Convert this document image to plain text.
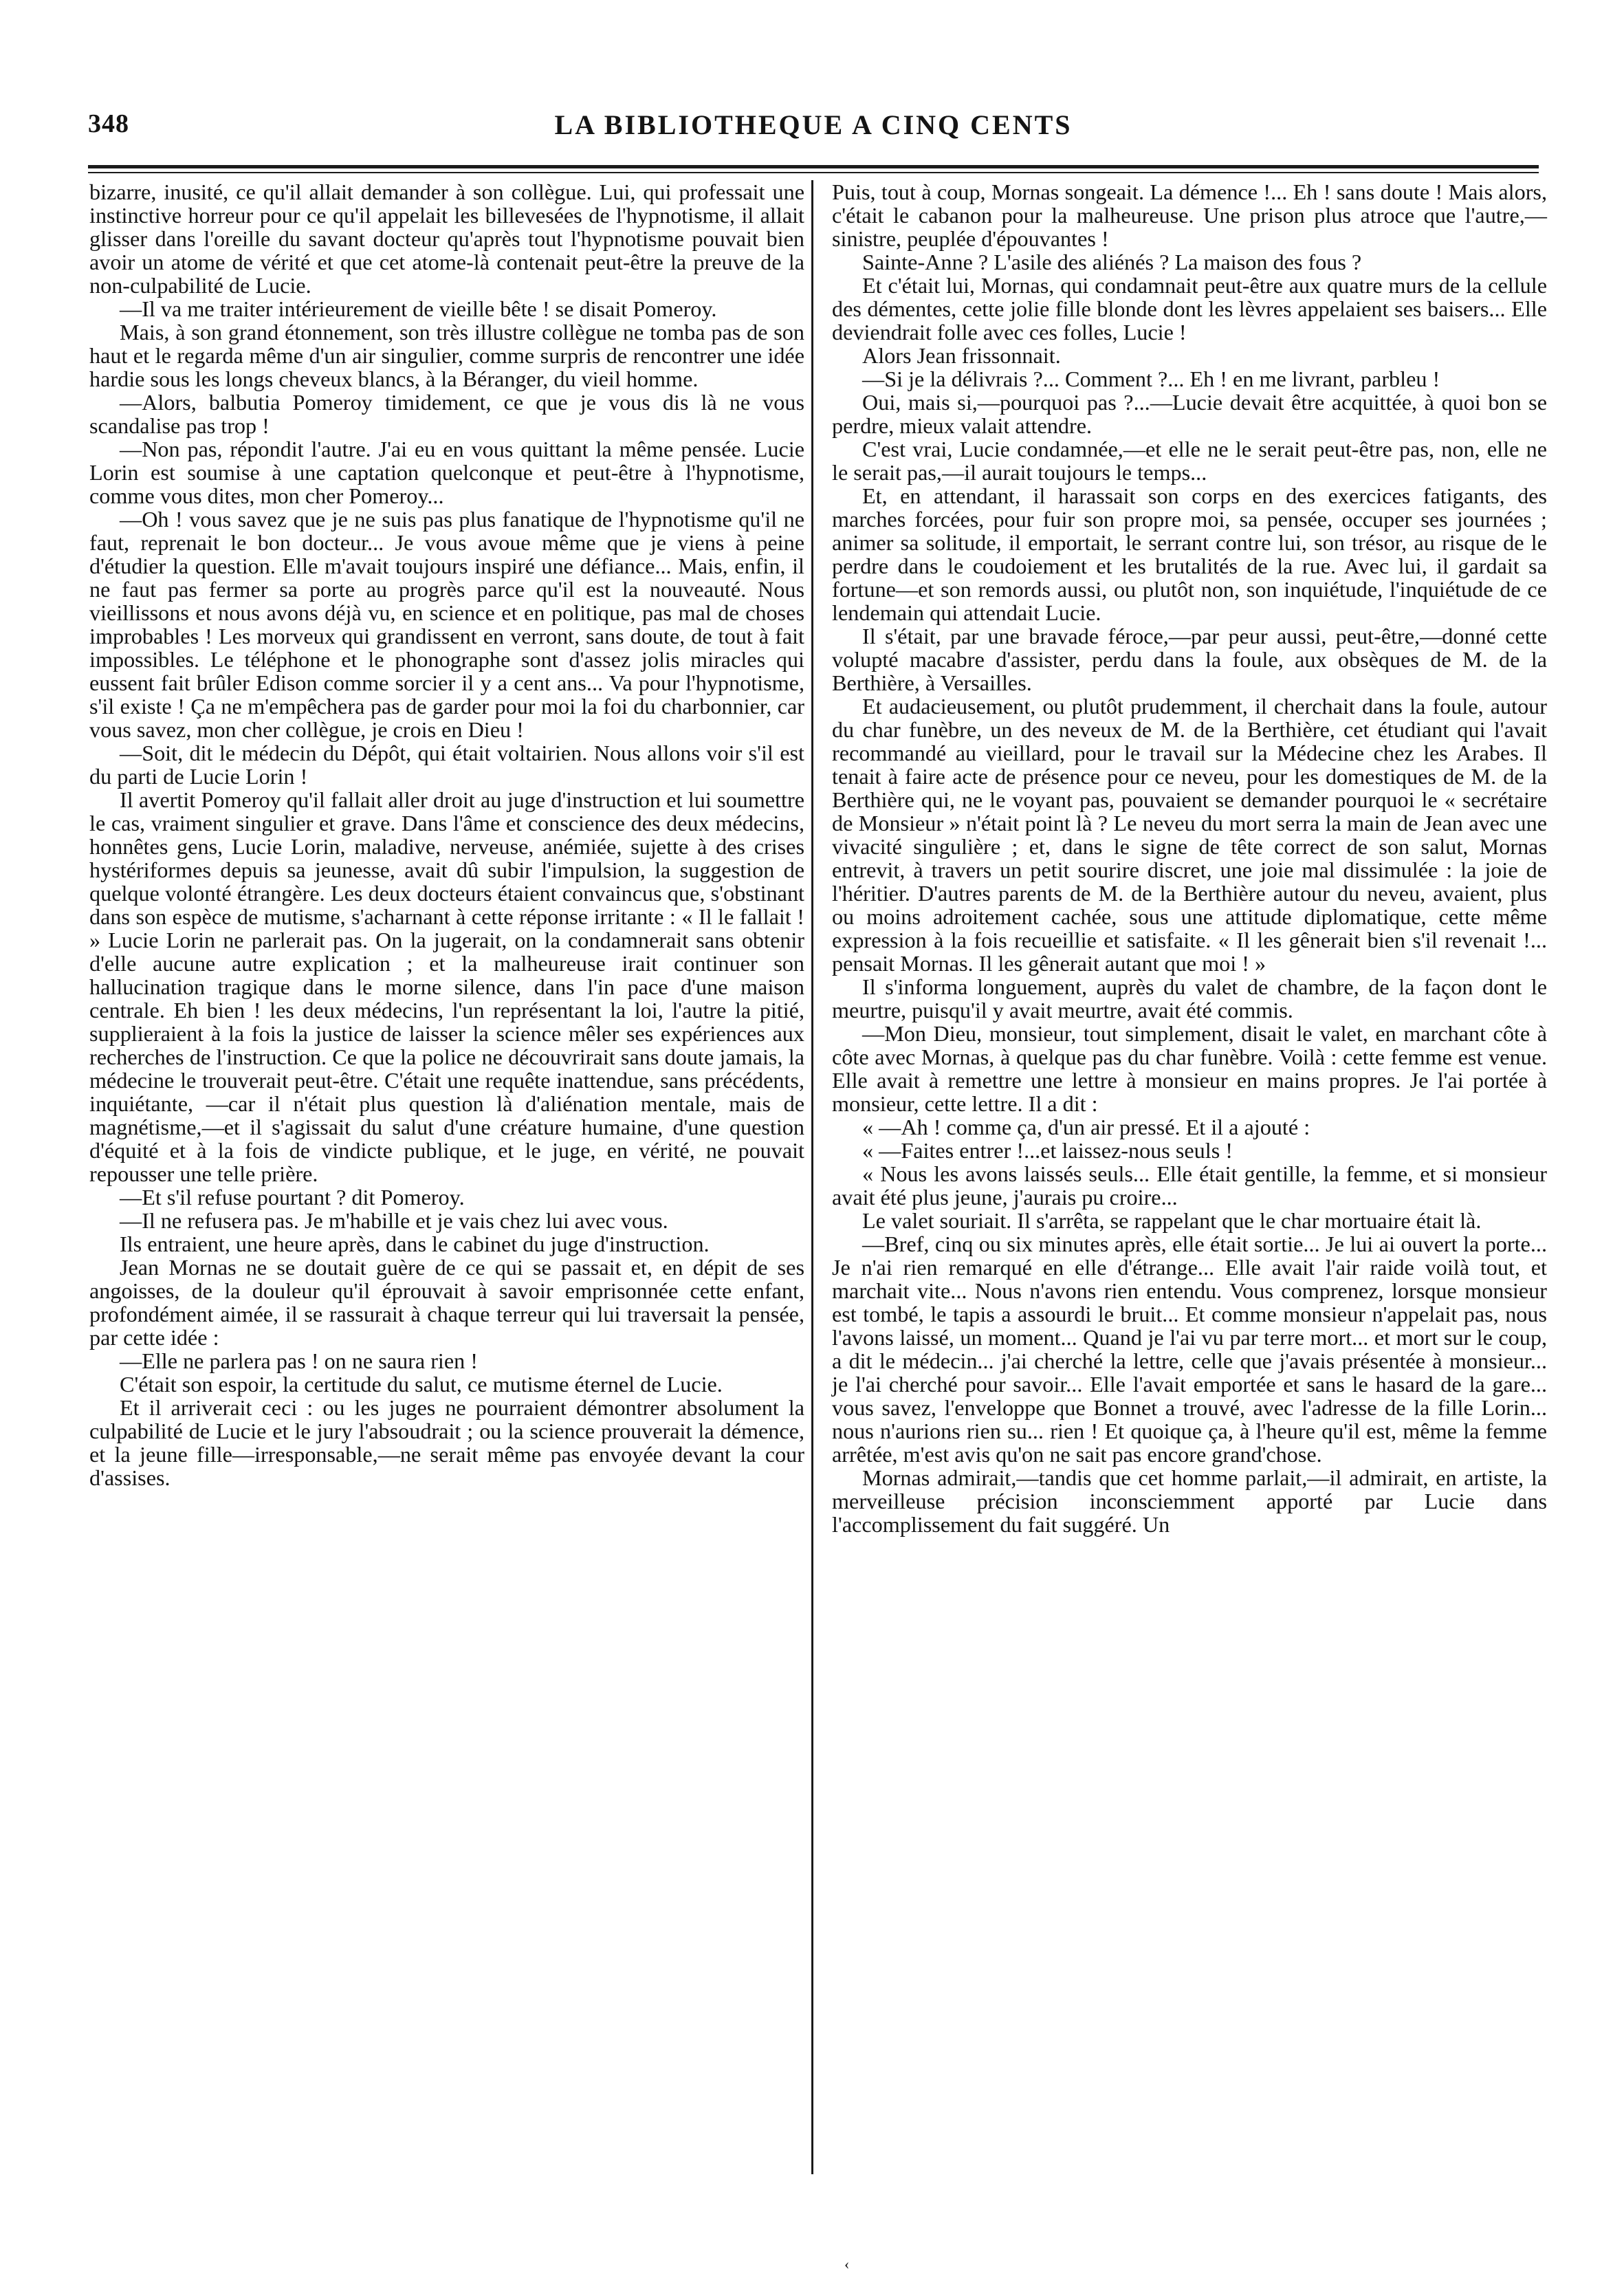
348	LA BIBLIOTHEQUE A CINQ CENTS

bizarre, inusité, ce qu'il allait demander à son collègue. Lui, qui professait une instinctive horreur pour ce qu'il appelait les billevesées de l'hypnotisme, il allait glisser dans l'oreille du savant docteur qu'après tout l'hypnotisme pouvait bien avoir un atome de vérité et que cet atome-là contenait peut-être la preuve de la non-culpabilité de Lucie.

—Il va me traiter intérieurement de vieille bête ! se disait Pomeroy.

Mais, à son grand étonnement, son très illustre collègue ne tomba pas de son haut et le regarda même d'un air singulier, comme surpris de rencontrer une idée hardie sous les longs cheveux blancs, à la Béranger, du vieil homme.

—Alors, balbutia Pomeroy timidement, ce que je vous dis là ne vous scandalise pas trop !

—Non pas, répondit l'autre. J'ai eu en vous quittant la même pensée. Lucie Lorin est soumise à une captation quelconque et peut-être à l'hypnotisme, comme vous dites, mon cher Pomeroy...

—Oh ! vous savez que je ne suis pas plus fanatique de l'hypnotisme qu'il ne faut, reprenait le bon docteur... Je vous avoue même que je viens à peine d'étudier la question. Elle m'avait toujours inspiré une défiance... Mais, enfin, il ne faut pas fermer sa porte au progrès parce qu'il est la nouveauté. Nous vieillissons et nous avons déjà vu, en science et en politique, pas mal de choses improbables ! Les morveux qui grandissent en verront, sans doute, de tout à fait impossibles. Le téléphone et le phonographe sont d'assez jolis miracles qui eussent fait brûler Edison comme sorcier il y a cent ans... Va pour l'hypnotisme, s'il existe ! Ça ne m'empêchera pas de garder pour moi la foi du charbonnier, car vous savez, mon cher collègue, je crois en Dieu !

—Soit, dit le médecin du Dépôt, qui était voltairien. Nous allons voir s'il est du parti de Lucie Lorin !

Il avertit Pomeroy qu'il fallait aller droit au juge d'instruction et lui soumettre le cas, vraiment singulier et grave. Dans l'âme et conscience des deux médecins, honnêtes gens, Lucie Lorin, maladive, nerveuse, anémiée, sujette à des crises hystériformes depuis sa jeunesse, avait dû subir l'impulsion, la suggestion de quelque volonté étrangère. Les deux docteurs étaient convaincus que, s'obstinant dans son espèce de mutisme, s'acharnant à cette réponse irritante : « Il le fallait ! » Lucie Lorin ne parlerait pas. On la jugerait, on la condamnerait sans obtenir d'elle aucune autre explication ; et la malheureuse irait continuer son hallucination tragique dans le morne silence, dans l'in pace d'une maison centrale. Eh bien ! les deux médecins, l'un représentant la loi, l'autre la pitié, supplieraient à la fois la justice de laisser la science mêler ses expériences aux recherches de l'instruction. Ce que la police ne découvrirait sans doute jamais, la médecine le trouverait peut-être. C'était une requête inattendue, sans précédents, inquiétante, —car il n'était plus question là d'aliénation mentale, mais de magnétisme,—et il s'agissait du salut d'une créature humaine, d'une question d'équité et à la fois de vindicte publique, et le juge, en vérité, ne pouvait repousser une telle prière.

—Et s'il refuse pourtant ? dit Pomeroy.

—Il ne refusera pas. Je m'habille et je vais chez lui avec vous.

Ils entraient, une heure après, dans le cabinet du juge d'instruction.

Jean Mornas ne se doutait guère de ce qui se passait et, en dépit de ses angoisses, de la douleur qu'il éprouvait à savoir emprisonnée cette enfant, profondément aimée, il se rassurait à chaque terreur qui lui traversait la pensée, par cette idée :

—Elle ne parlera pas ! on ne saura rien !

C'était son espoir, la certitude du salut, ce mutisme éternel de Lucie.

Et il arriverait ceci : ou les juges ne pourraient démontrer absolument la culpabilité de Lucie et le jury l'absoudrait ; ou la science prouverait la démence, et la jeune fille—irresponsable,—ne serait même pas envoyée devant la cour d'assises.

Puis, tout à coup, Mornas songeait. La démence !... Eh ! sans doute ! Mais alors, c'était le cabanon pour la malheureuse. Une prison plus atroce que l'autre,—sinistre, peuplée d'épouvantes !

Sainte-Anne ? L'asile des aliénés ? La maison des fous ?

Et c'était lui, Mornas, qui condamnait peut-être aux quatre murs de la cellule des démentes, cette jolie fille blonde dont les lèvres appelaient ses baisers... Elle deviendrait folle avec ces folles, Lucie !

Alors Jean frissonnait.

—Si je la délivrais ?... Comment ?... Eh ! en me livrant, parbleu !

Oui, mais si,—pourquoi pas ?...—Lucie devait être acquittée, à quoi bon se perdre, mieux valait attendre.

C'est vrai, Lucie condamnée,—et elle ne le serait peut-être pas, non, elle ne le serait pas,—il aurait toujours le temps...

Et, en attendant, il harassait son corps en des exercices fatigants, des marches forcées, pour fuir son propre moi, sa pensée, occuper ses journées ; animer sa solitude, il emportait, le serrant contre lui, son trésor, au risque de le perdre dans le coudoiement et les brutalités de la rue. Avec lui, il gardait sa fortune—et son remords aussi, ou plutôt non, son inquiétude, l'inquiétude de ce lendemain qui attendait Lucie.

Il s'était, par une bravade féroce,—par peur aussi, peut-être,—donné cette volupté macabre d'assister, perdu dans la foule, aux obsèques de M. de la Berthière, à Versailles.

Et audacieusement, ou plutôt prudemment, il cherchait dans la foule, autour du char funèbre, un des neveux de M. de la Berthière, cet étudiant qui l'avait recommandé au vieillard, pour le travail sur la Médecine chez les Arabes. Il tenait à faire acte de présence pour ce neveu, pour les domestiques de M. de la Berthière qui, ne le voyant pas, pouvaient se demander pourquoi le « secrétaire de Monsieur » n'était point là ? Le neveu du mort serra la main de Jean avec une vivacité singulière ; et, dans le signe de tête correct de son salut, Mornas entrevit, à travers un petit sourire discret, une joie mal dissimulée : la joie de l'héritier. D'autres parents de M. de la Berthière autour du neveu, avaient, plus ou moins adroitement cachée, sous une attitude diplomatique, cette même expression à la fois recueillie et satisfaite. « Il les gênerait bien s'il revenait !... pensait Mornas. Il les gênerait autant que moi ! »

Il s'informa longuement, auprès du valet de chambre, de la façon dont le meurtre, puisqu'il y avait meurtre, avait été commis.

—Mon Dieu, monsieur, tout simplement, disait le valet, en marchant côte à côte avec Mornas, à quelque pas du char funèbre. Voilà : cette femme est venue. Elle avait à remettre une lettre à monsieur en mains propres. Je l'ai portée à monsieur, cette lettre. Il a dit :

« —Ah ! comme ça, d'un air pressé. Et il a ajouté :

« —Faites entrer !...et laissez-nous seuls !

« Nous les avons laissés seuls... Elle était gentille, la femme, et si monsieur avait été plus jeune, j'aurais pu croire...

Le valet souriait. Il s'arrêta, se rappelant que le char mortuaire était là.

—Bref, cinq ou six minutes après, elle était sortie... Je lui ai ouvert la porte... Je n'ai rien remarqué en elle d'étrange... Elle avait l'air raide voilà tout, et marchait vite... Nous n'avons rien entendu. Vous comprenez, lorsque monsieur est tombé, le tapis a assourdi le bruit... Et comme monsieur n'appelait pas, nous l'avons laissé, un moment... Quand je l'ai vu par terre mort... et mort sur le coup, a dit le médecin... j'ai cherché la lettre, celle que j'avais présentée à monsieur... je l'ai cherché pour savoir... Elle l'avait emportée et sans le hasard de la gare... vous savez, l'enveloppe que Bonnet a trouvé, avec l'adresse de la fille Lorin... nous n'aurions rien su... rien ! Et quoique ça, à l'heure qu'il est, même la femme arrêtée, m'est avis qu'on ne sait pas encore grand'chose.

Mornas admirait,—tandis que cet homme parlait,—il admirait, en artiste, la merveilleuse précision inconsciemment apporté par Lucie dans l'accomplissement du fait suggéré. Un

‹
